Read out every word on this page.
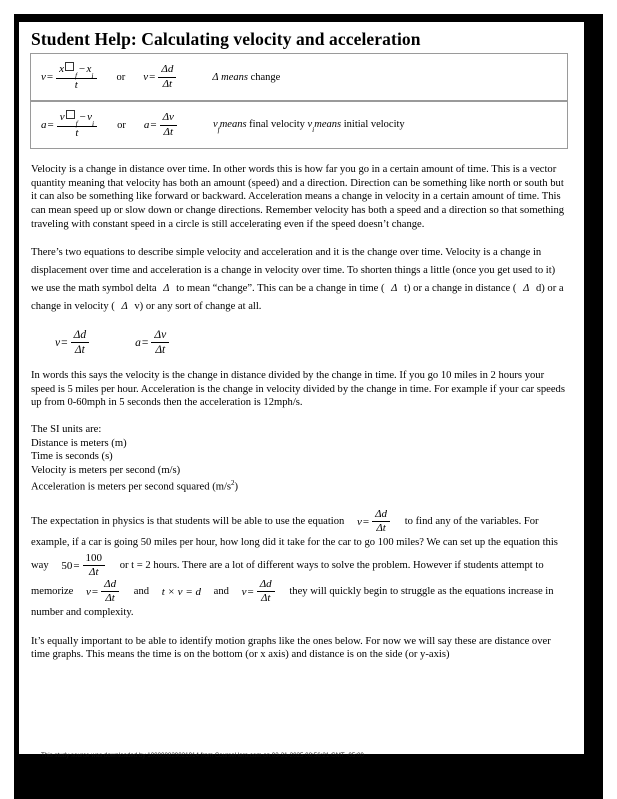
Student Help: Calculating velocity and acceleration
$v = \frac{x_f-x_i}{t}$	or	$v = \frac{\Delta d}{\Delta t}$	Δ means change

$a = \frac{v_f-v_i}{t}$	or	$a = \frac{\Delta v}{\Delta t}$	$v_fmeans$ final velocity $v_imeans$ initial velocity

Velocity is a change in distance over time. In other words this is how far you go in a certain amount of time. This is a vector quantity meaning that velocity has both an amount (speed) and a direction. Direction can be something like north or south but it can also be something like forward or backward. Acceleration means a change in velocity in a certain amount of time. This can mean speed up or slow down or change directions. Remember velocity has both a speed and a direction so that something traveling with constant speed in a circle is still accelerating even if the speed doesn’t change.

There’s two equations to describe simple velocity and acceleration and it is the change over time. Velocity is a change in displacement over time and acceleration is a change in velocity over time. To shorten things a little (once you get used to it) we use the math symbol delta Δ to mean “change”. This can be a change in time ( Δ t) or a change in distance ( Δ d) or a change in velocity ( Δ v) or any sort of change at all.

$v = \frac{\Delta d}{\Delta t}$	$a = \frac{\Delta v}{\Delta t}$

In words this says the velocity is the change in distance divided by the change in time. If you go 10 miles in 2 hours your speed is 5 miles per hour. Acceleration is the change in velocity divided by the change in time. For example if your car speeds up from 0-60mph in 5 seconds then the acceleration is 12mph/s.

The SI units are:
Distance is meters (m)
Time is seconds (s)
Velocity is meters per second (m/s)
Acceleration is meters per second squared $(m/s^2)$

The expectation in physics is that students will be able to use the equation $v = \frac{\Delta d}{\Delta t}$ to find any of the variables. For example, if a car is going 50 miles per hour, how long did it take for the car to go 100 miles? We can set up the equation this way $50 = \frac{100}{\Delta t}$ or t = 2 hours. There are a lot of different ways to solve the problem. However if students attempt to memorize $v = \frac{\Delta d}{\Delta t}$ and t × v = d and $v = \frac{\Delta d}{\Delta t}$ they will quickly begin to struggle as the equations increase in number and complexity.

It’s equally important to be able to identify motion graphs like the ones below. For now we will say these are distance over time graphs. This means the time is on the bottom (or x axis) and distance is on the side (or y-axis)

This study source was downloaded by 100000829021914 from CourseHero.com on 03-31-2025 08:56:21 GMT -05:00
